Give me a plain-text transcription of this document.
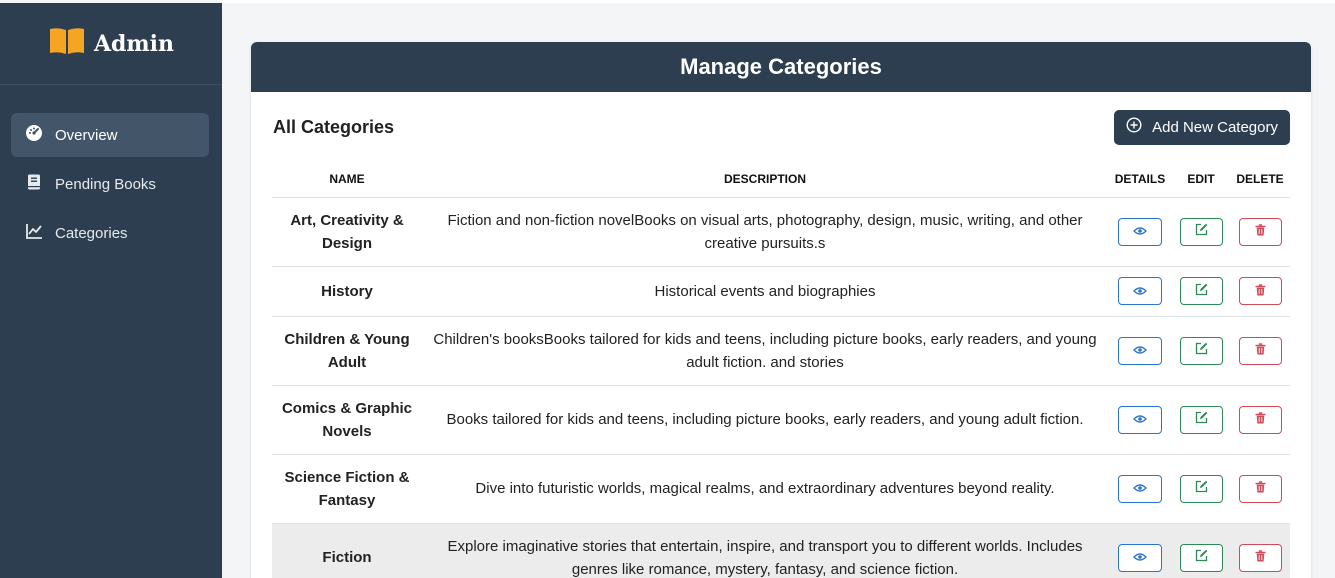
Admin
Overview
Pending Books
Categories
Manage Categories
All Categories	Add New Category
NAME	DESCRIPTION	DETAILS	EDIT	DELETE
Art, Creativity & Design	Fiction and non-fiction novelBooks on visual arts, photography, design, music, writing, and other creative pursuits.s	

History	Historical events and biographies	

Children & Young Adult	Children's booksBooks tailored for kids and teens, including picture books, early readers, and young adult fiction. and stories	

Comics & Graphic Novels	Books tailored for kids and teens, including picture books, early readers, and young adult fiction.	

Science Fiction & Fantasy	Dive into futuristic worlds, magical realms, and extraordinary adventures beyond reality.	

Fiction	Explore imaginative stories that entertain, inspire, and transport you to different worlds. Includes genres like romance, mystery, fantasy, and science fiction.	
